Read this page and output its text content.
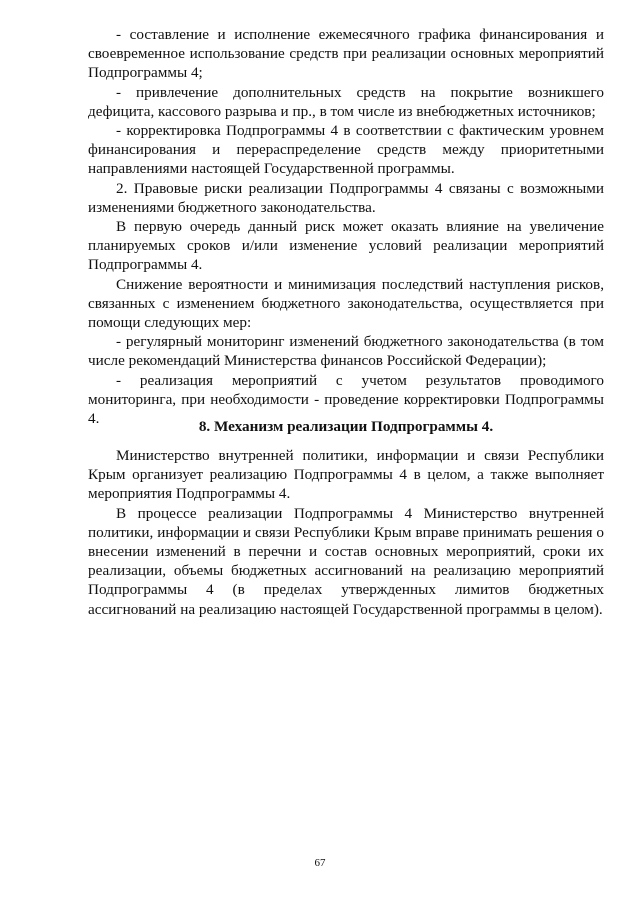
- составление и исполнение ежемесячного графика финансирования и своевременное использование средств при реализации основных мероприятий Подпрограммы 4;

- привлечение дополнительных средств на покрытие возникшего дефицита, кассового разрыва и пр., в том числе из внебюджетных источников;

- корректировка Подпрограммы 4 в соответствии с фактическим уровнем финансирования и перераспределение средств между приоритетными направлениями настоящей Государственной программы.

2. Правовые риски реализации Подпрограммы 4 связаны с возможными изменениями бюджетного законодательства.

В первую очередь данный риск может оказать влияние на увеличение планируемых сроков и/или изменение условий реализации мероприятий Подпрограммы 4.

Снижение вероятности и минимизация последствий наступления рисков, связанных с изменением бюджетного законодательства, осуществляется при помощи следующих мер:

- регулярный мониторинг изменений бюджетного законодательства (в том числе рекомендаций Министерства финансов Российской Федерации);

- реализация мероприятий с учетом результатов проводимого мониторинга, при необходимости - проведение корректировки Подпрограммы 4.	8. Механизм реализации Подпрограммы 4.

Министерство внутренней политики, информации и связи Республики Крым организует реализацию Подпрограммы 4 в целом, а также выполняет мероприятия Подпрограммы 4.

В процессе реализации Подпрограммы 4 Министерство внутренней политики, информации и связи Республики Крым вправе принимать решения о внесении изменений в перечни и состав основных мероприятий, сроки их реализации, объемы бюджетных ассигнований на реализацию мероприятий Подпрограммы 4 (в пределах утвержденных лимитов бюджетных ассигнований на реализацию настоящей Государственной программы в целом).

67
